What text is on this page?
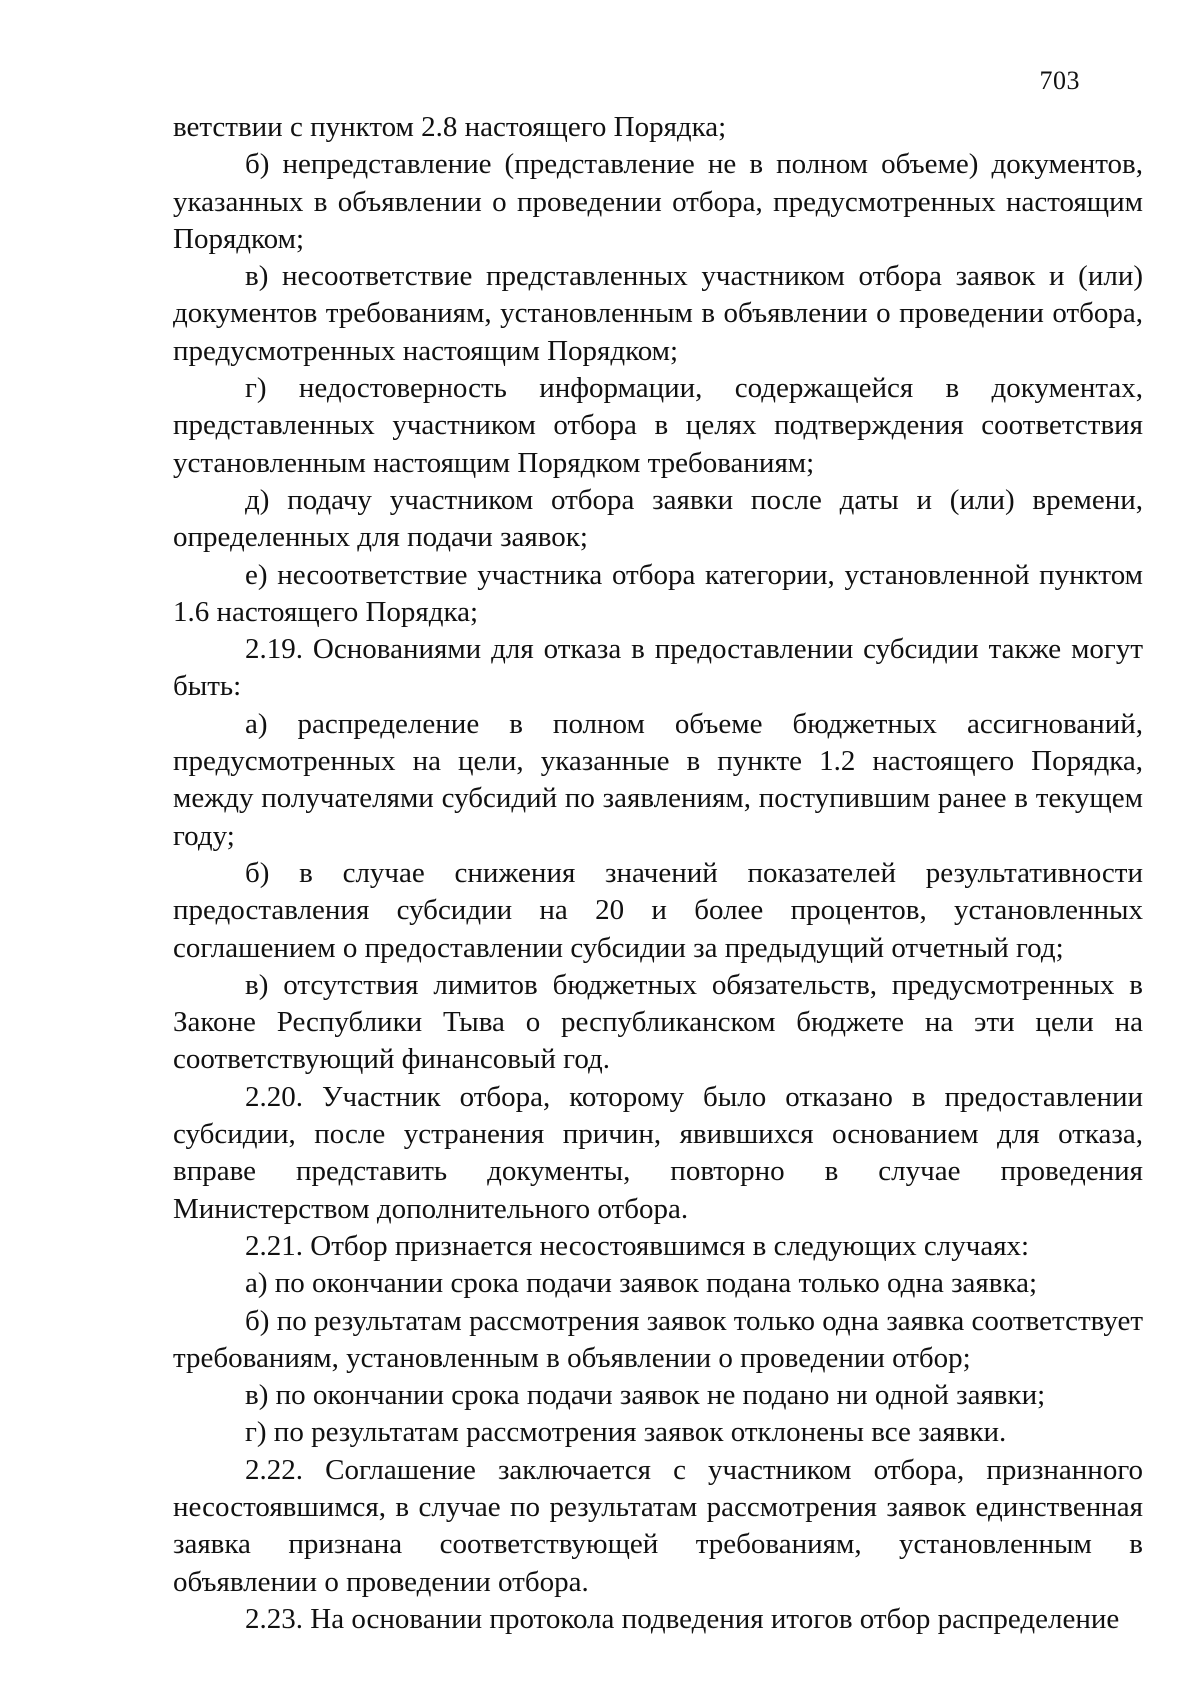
703

ветствии с пунктом 2.8 настоящего Порядка;

б) непредставление (представление не в полном объеме) документов, указанных в объявлении о проведении отбора, предусмотренных настоящим Порядком;

в) несоответствие представленных участником отбора заявок и (или) документов требованиям, установленным в объявлении о проведении отбора, предусмотренных настоящим Порядком;

г) недостоверность информации, содержащейся в документах, представленных участником отбора в целях подтверждения соответствия установленным настоящим Порядком требованиям;

д) подачу участником отбора заявки после даты и (или) времени, определенных для подачи заявок;

е) несоответствие участника отбора категории, установленной пунктом 1.6 настоящего Порядка;

2.19. Основаниями для отказа в предоставлении субсидии также могут быть:

а) распределение в полном объеме бюджетных ассигнований, предусмотренных на цели, указанные в пункте 1.2 настоящего Порядка, между получателями субсидий по заявлениям, поступившим ранее в текущем году;

б) в случае снижения значений показателей результативности предоставления субсидии на 20 и более процентов, установленных соглашением о предоставлении субсидии за предыдущий отчетный год;

в) отсутствия лимитов бюджетных обязательств, предусмотренных в Законе Республики Тыва о республиканском бюджете на эти цели на соответствующий финансовый год.

2.20. Участник отбора, которому было отказано в предоставлении субсидии, после устранения причин, явившихся основанием для отказа, вправе представить документы, повторно в случае проведения Министерством дополнительного отбора.

2.21. Отбор признается несостоявшимся в следующих случаях:

а) по окончании срока подачи заявок подана только одна заявка;

б) по результатам рассмотрения заявок только одна заявка соответствует требованиям, установленным в объявлении о проведении отбор;

в) по окончании срока подачи заявок не подано ни одной заявки;

г) по результатам рассмотрения заявок отклонены все заявки.

2.22. Соглашение заключается с участником отбора, признанного несостоявшимся, в случае по результатам рассмотрения заявок единственная заявка признана соответствующей требованиям, установленным в объявлении о проведении отбора.

2.23. На основании протокола подведения итогов отбор распределение
